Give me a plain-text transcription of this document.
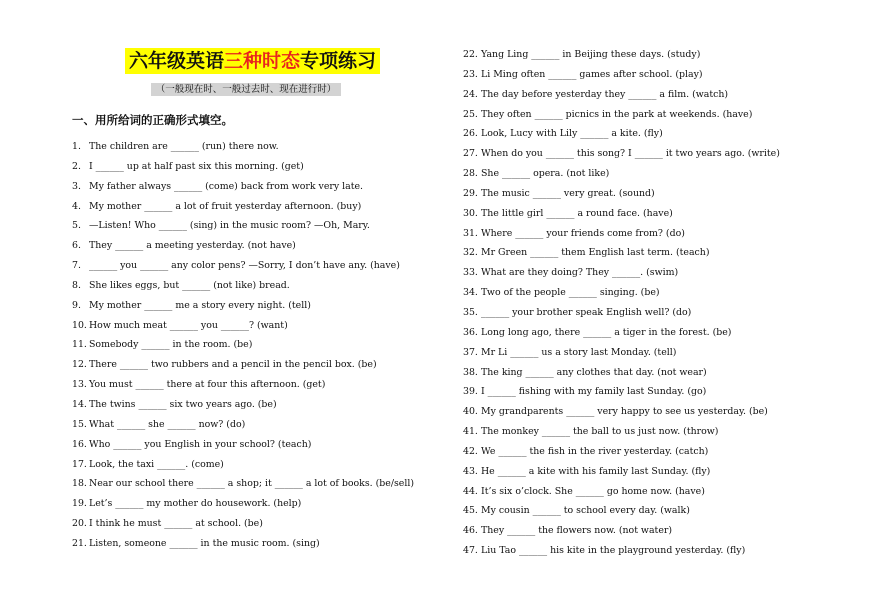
六年级英语三种时态专项练习
（一般现在时、一般过去时、现在进行时）
一、用所给词的正确形式填空。
1. The children are ______ (run) there now.
2. I ______ up at half past six this morning. (get)
3. My father always ______ (come) back from work very late.
4. My mother ______ a lot of fruit yesterday afternoon. (buy)
5. —Listen! Who ______ (sing) in the music room? —Oh, Mary.
6. They ______ a meeting yesterday. (not have)
7. ______ you ______ any color pens? —Sorry, I don’t have any. (have)
8. She likes eggs, but ______ (not like) bread.
9. My mother ______ me a story every night. (tell)
10. How much meat ______ you ______? (want)
11. Somebody ______ in the room. (be)
12. There ______ two rubbers and a pencil in the pencil box. (be)
13. You must ______ there at four this afternoon. (get)
14. The twins ______ six two years ago. (be)
15. What ______ she ______ now? (do)
16. Who ______ you English in your school? (teach)
17. Look, the taxi ______. (come)
18. Near our school there ______ a shop; it ______ a lot of books. (be/sell)
19. Let’s ______ my mother do housework. (help)
20. I think he must ______ at school. (be)
21. Listen, someone ______ in the music room. (sing)
22. Yang Ling ______ in Beijing these days. (study)
23. Li Ming often ______ games after school. (play)
24. The day before yesterday they ______ a film. (watch)
25. They often ______ picnics in the park at weekends. (have)
26. Look, Lucy with Lily ______ a kite. (fly)
27. When do you ______ this song? I ______ it two years ago. (write)
28. She ______ opera. (not like)
29. The music ______ very great. (sound)
30. The little girl ______ a round face. (have)
31. Where ______ your friends come from? (do)
32. Mr Green ______ them English last term. (teach)
33. What are they doing? They ______. (swim)
34. Two of the people ______ singing. (be)
35. ______ your brother speak English well? (do)
36. Long long ago, there ______ a tiger in the forest. (be)
37. Mr Li ______ us a story last Monday. (tell)
38. The king ______ any clothes that day. (not wear)
39. I ______ fishing with my family last Sunday. (go)
40. My grandparents ______ very happy to see us yesterday. (be)
41. The monkey ______ the ball to us just now. (throw)
42. We ______ the fish in the river yesterday. (catch)
43. He ______ a kite with his family last Sunday. (fly)
44. It’s six o’clock. She ______ go home now. (have)
45. My cousin ______ to school every day. (walk)
46. They ______ the flowers now. (not water)
47. Liu Tao ______ his kite in the playground yesterday. (fly)
